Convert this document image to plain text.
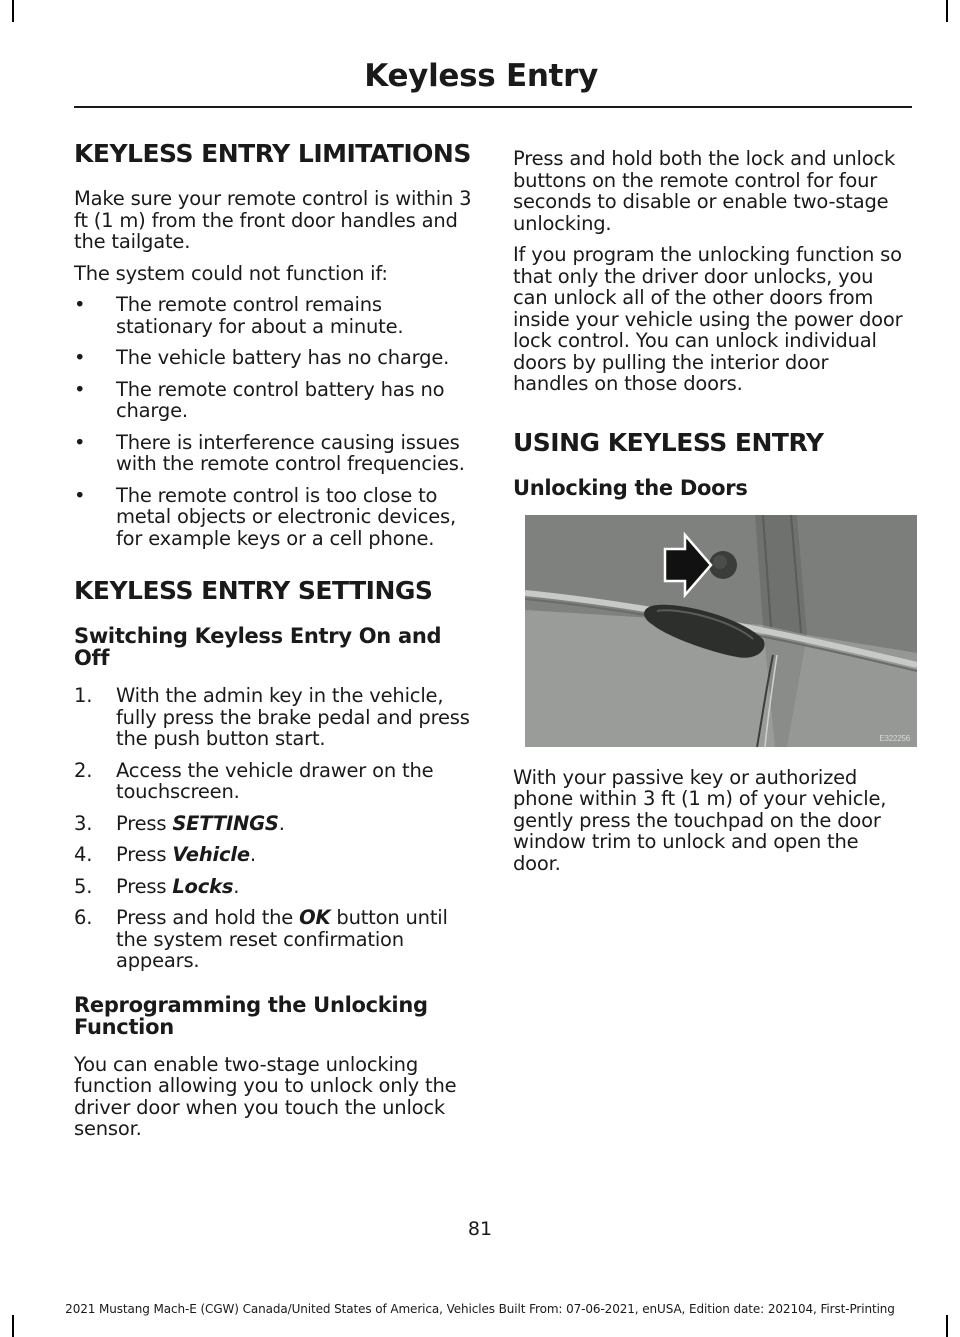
Keyless Entry
KEYLESS ENTRY LIMITATIONS

Make sure your remote control is within 3 ft (1 m) from the front door handles and the tailgate.

The system could not function if:

• The remote control remains stationary for about a minute.
• The vehicle battery has no charge.
• The remote control battery has no charge.
• There is interference causing issues with the remote control frequencies.
• The remote control is too close to metal objects or electronic devices, for example keys or a cell phone.
KEYLESS ENTRY SETTINGS
Switching Keyless Entry On and Off
1. With the admin key in the vehicle, fully press the brake pedal and press the push button start.
2. Access the vehicle drawer on the touchscreen.
3. Press SETTINGS.
4. Press Vehicle.
5. Press Locks.
6. Press and hold the OK button until the system reset confirmation appears.
Reprogramming the Unlocking Function

You can enable two-stage unlocking function allowing you to unlock only the driver door when you touch the unlock sensor.

Press and hold both the lock and unlock buttons on the remote control for four seconds to disable or enable two-stage unlocking.

If you program the unlocking function so that only the driver door unlocks, you can unlock all of the other doors from inside your vehicle using the power door lock control. You can unlock individual doors by pulling the interior door handles on those doors.

USING KEYLESS ENTRY
Unlocking the Doors
E322256

With your passive key or authorized phone within 3 ft (1 m) of your vehicle, gently press the touchpad on the door window trim to unlock and open the door.

81
2021 Mustang Mach-E (CGW) Canada/United States of America, Vehicles Built From: 07-06-2021, enUSA, Edition date: 202104, First-Printing
